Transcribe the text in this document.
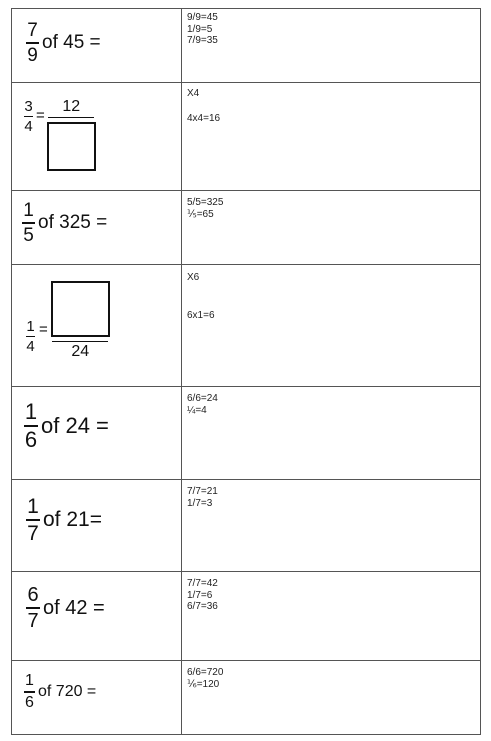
$\frac{7}{9}$ of 45 =
9/9=45
1/9=5
7/9=35
$\frac{3}{4}$ =
12
X4
4x4=16
$\frac{1}{5}$ of 325 =
5/5=325
⅕=65
$\frac{1}{4}$ =
24
X6
6x1=6
$\frac{1}{6}$ of 24 =
6/6=24
¼=4
$\frac{1}{7}$ of 21=
7/7=21
1/7=3
$\frac{6}{7}$ of 42 =
7/7=42
1/7=6
6/7=36
$\frac{1}{6}$ of 720 =
6/6=720
⅙=120
